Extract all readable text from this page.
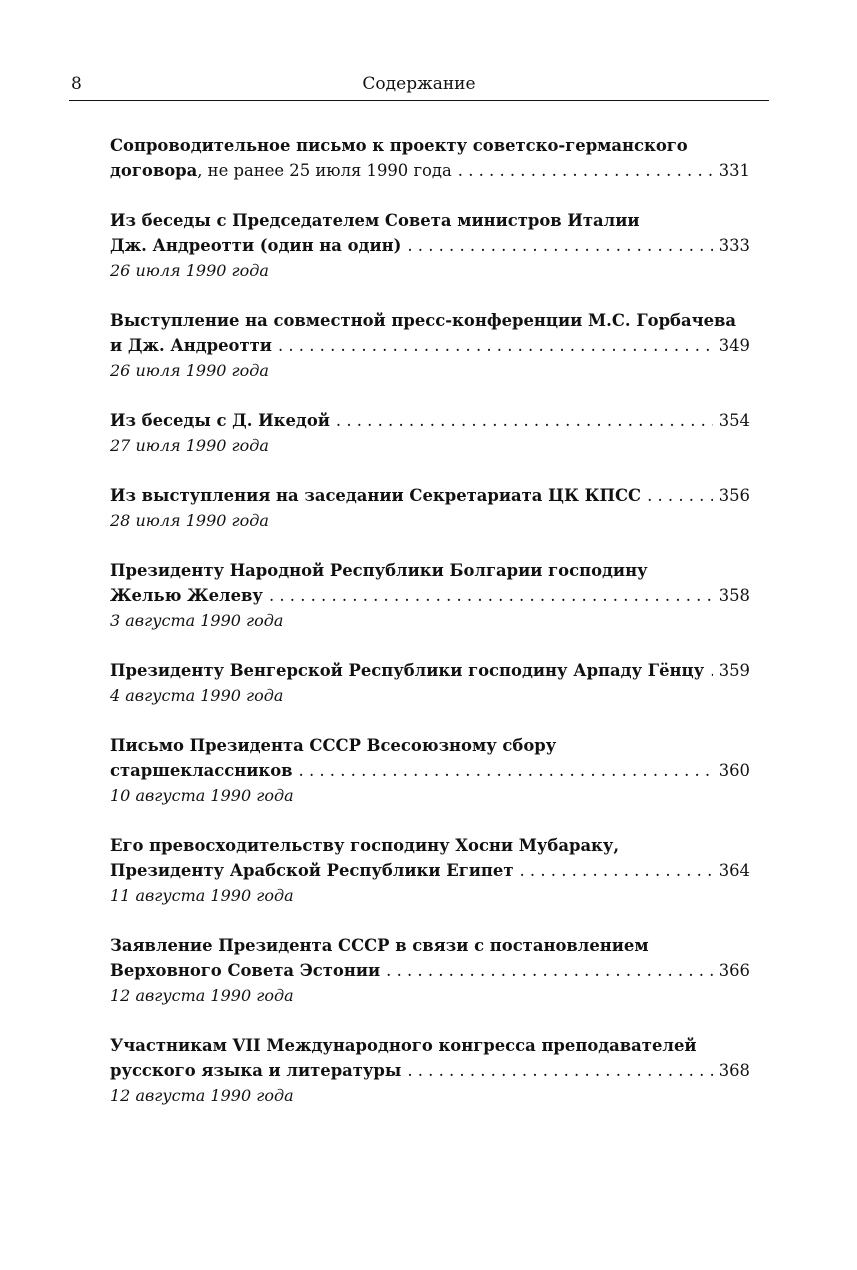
8	Содержание
Сопроводительное письмо к проекту советско-германского
договора , не ранее 25 июля 1990 года . . .	331
Из беседы с Председателем Совета министров Италии
Дж. Андреотти (один на один) . . .	333
26 июля 1990 года
Выступление на совместной пресс-конференции М.С. Горбачева
и Дж. Андреотти . . .	349
26 июля 1990 года
Из беседы с Д. Икедой . . .	354
27 июля 1990 года
Из выступления на заседании Секретариата ЦК КПСС . . .	356
28 июля 1990 года
Президенту Народной Республики Болгарии господину
Желью Желеву . . .	358
3 августа 1990 года
Президенту Венгерской Республики господину Арпаду Гёнцу . . . 359
4 августа 1990 года
Письмо Президента СССР Всесоюзному сбору
старшеклассников . . .	360
10 августа 1990 года
Его превосходительству господину Хосни Мубараку,
Президенту Арабской Республики Египет . . .	364
11 августа 1990 года
Заявление Президента СССР в связи с постановлением
Верховного Совета Эстонии . . .	366
12 августа 1990 года
Участникам VII Международного конгресса преподавателей
русского языка и литературы . . .	368
12 августа 1990 года
